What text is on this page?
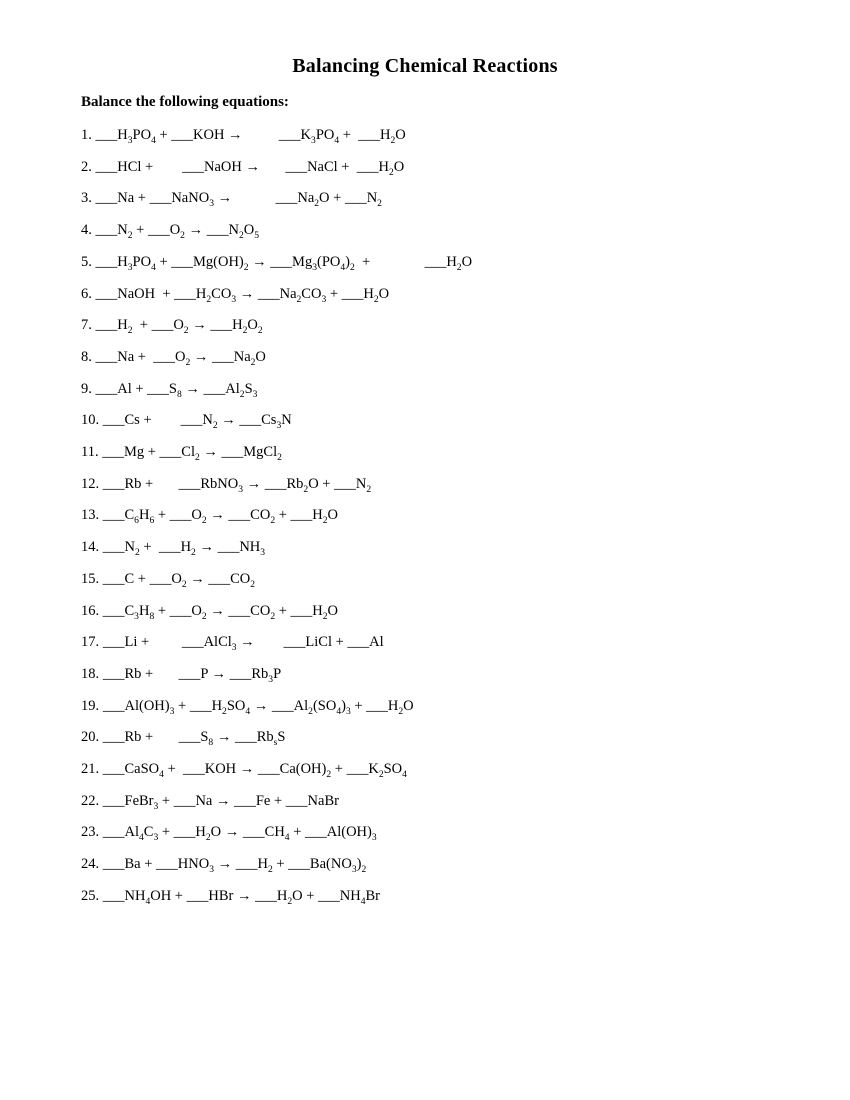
Balancing Chemical Reactions

Balance the following equations:

1. $\_\_\_H_3PO_4$ + ___KOH →          $\_\_\_K_3PO_4$ +  $\_\_\_H_2O$
2. ___HCl +        ___NaOH →       ___NaCl +  $\_\_\_H_2O$
3. ___Na + ___NaNO$_3$ →            $\_\_\_Na_2O$ + $\_\_\_N_2$
4. $\_\_\_N_2$ + $\_\_\_O_2$ → $\_\_\_N_2O_5$
5. $\_\_\_H_3PO_4$ + $\_\_\_Mg(OH)_2$ → $\_\_\_Mg_3(PO_4)_2$  +               $\_\_\_H_2O$
6. ___NaOH  + $\_\_\_H_2CO_3$ → $\_\_\_Na_2CO_3$ + $\_\_\_H_2O$
7. $\_\_\_H_2$  + $\_\_\_O_2$ → $\_\_\_H_2O_2$
8. ___Na +  $\_\_\_O_2$ → $\_\_\_Na_2O$
9. ___Al + $\_\_\_S_8$ → $\_\_\_Al_2S_3$
10. ___Cs +        $\_\_\_N_2$ → $\_\_\_Cs_3N$
11. ___Mg + $\_\_\_Cl_2$ → ___MgCl$_2$
12. ___Rb +       ___RbNO$_3$ → $\_\_\_Rb_2O$ + $\_\_\_N_2$
13. $\_\_\_C_6H_6$ + $\_\_\_O_2$ → $\_\_\_CO_2$ + $\_\_\_H_2O$
14. $\_\_\_N_2$ +  $\_\_\_H_2$ → $\_\_\_NH_3$
15. ___C + $\_\_\_O_2$ → $\_\_\_CO_2$
16. $\_\_\_C_3H_8$ + $\_\_\_O_2$ → $\_\_\_CO_2$ + $\_\_\_H_2O$
17. ___Li +         ___AlCl$_3$ →        ___LiCl + ___Al
18. ___Rb +       ___P → $\_\_\_Rb_3P$
19. $\_\_\_Al(OH)_3$ + $\_\_\_H_2SO_4$ → $\_\_\_Al_2(SO_4)_3$ + $\_\_\_H_2O$
20. ___Rb +       $\_\_\_S_8$ → $\_\_\_Rb_sS$
21. ___CaSO$_4$ +  ___KOH → $\_\_\_Ca(OH)_2$ + $\_\_\_K_2SO_4$
22. ___FeBr$_3$ + ___Na → ___Fe + ___NaBr
23. $\_\_\_Al_4C_3$ + $\_\_\_H_2O$ → $\_\_\_CH_4$ + $\_\_\_Al(OH)_3$
24. ___Ba + $\_\_\_HNO_3$ → $\_\_\_H_2$ + $\_\_\_Ba(NO_3)_2$
25. $\_\_\_NH_4OH$ + ___HBr → $\_\_\_H_2O$ + $\_\_\_NH_4Br$
